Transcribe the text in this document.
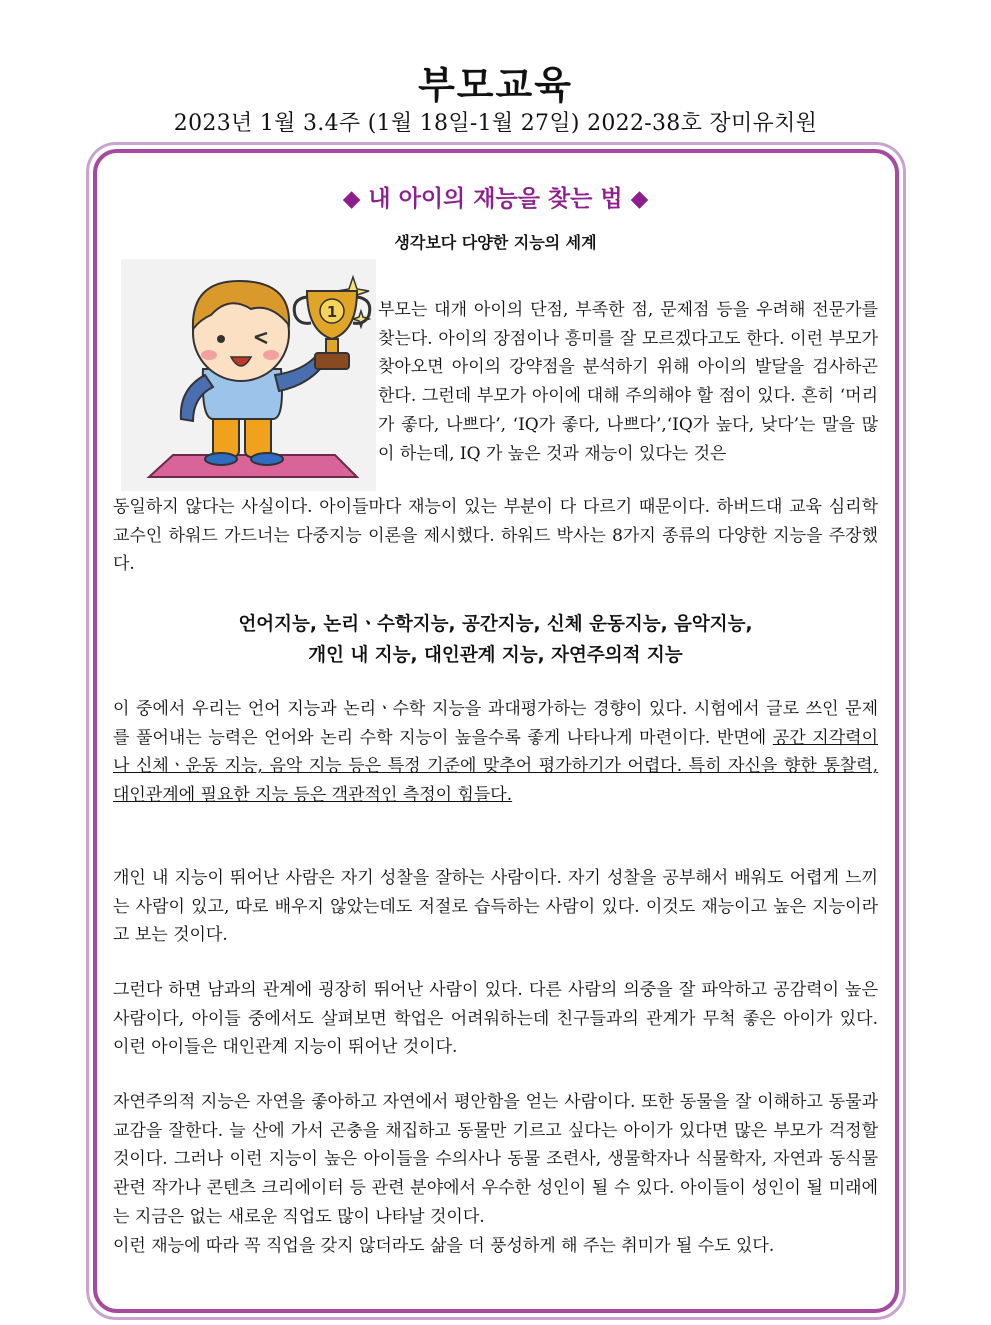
부모교육
2023년 1월 3.4주 (1월 18일-1월 27일) 2022-38호 장미유치원
◆ 내 아이의 재능을 찾는 법 ◆
생각보다 다양한 지능의 세계
1 부모는 대개 아이의 단점, 부족한 점, 문제점 등을 우려해 전문가를 찾는다. 아이의 장점이나 흥미를 잘 모르겠다고도 한다. 이런 부모가 찾아오면 아이의 강약점을 분석하기 위해 아이의 발달을 검사하곤 한다. 그런데 부모가 아이에 대해 주의해야 할 점이 있다. 흔히 ‘머리가 좋다, 나쁘다’, ‘IQ가 좋다, 나쁘다’,‘IQ가 높다, 낮다’는 말을 많이 하는데, IQ 가 높은 것과 재능이 있다는 것은

동일하지 않다는 사실이다. 아이들마다 재능이 있는 부분이 다 다르기 때문이다. 하버드대 교육 심리학 교수인 하워드 가드너는 다중지능 이론을 제시했다. 하워드 박사는 8가지 종류의 다양한 지능을 주장했다.

언어지능, 논리ㆍ수학지능, 공간지능, 신체 운동지능, 음악지능,
개인 내 지능, 대인관계 지능, 자연주의적 지능

이 중에서 우리는 언어 지능과 논리ㆍ수학 지능을 과대평가하는 경향이 있다. 시험에서 글로 쓰인 문제를 풀어내는 능력은 언어와 논리 수학 지능이 높을수록 좋게 나타나게 마련이다. 반면에 공간 지각력이나 신체ㆍ운동 지능, 음악 지능 등은 특정 기준에 맞추어 평가하기가 어렵다. 특히 자신을 향한 통찰력, 대인관계에 필요한 지능 등은 객관적인 측정이 힘들다.

개인 내 지능이 뛰어난 사람은 자기 성찰을 잘하는 사람이다. 자기 성찰을 공부해서 배워도 어렵게 느끼는 사람이 있고, 따로 배우지 않았는데도 저절로 습득하는 사람이 있다. 이것도 재능이고 높은 지능이라고 보는 것이다.

그런다 하면 남과의 관계에 굉장히 뛰어난 사람이 있다. 다른 사람의 의중을 잘 파악하고 공감력이 높은 사람이다, 아이들 중에서도 살펴보면 학업은 어려워하는데 친구들과의 관계가 무척 좋은 아이가 있다. 이런 아이들은 대인관계 지능이 뛰어난 것이다.

자연주의적 지능은 자연을 좋아하고 자연에서 평안함을 얻는 사람이다. 또한 동물을 잘 이해하고 동물과 교감을 잘한다. 늘 산에 가서 곤충을 채집하고 동물만 기르고 싶다는 아이가 있다면 많은 부모가 걱정할 것이다. 그러나 이런 지능이 높은 아이들을 수의사나 동물 조련사, 생물학자나 식물학자, 자연과 동식물 관련 작가나 콘텐츠 크리에이터 등 관련 분야에서 우수한 성인이 될 수 있다. 아이들이 성인이 될 미래에는 지금은 없는 새로운 직업도 많이 나타날 것이다.
이런 재능에 따라 꼭 직업을 갖지 않더라도 삶을 더 풍성하게 해 주는 취미가 될 수도 있다.
